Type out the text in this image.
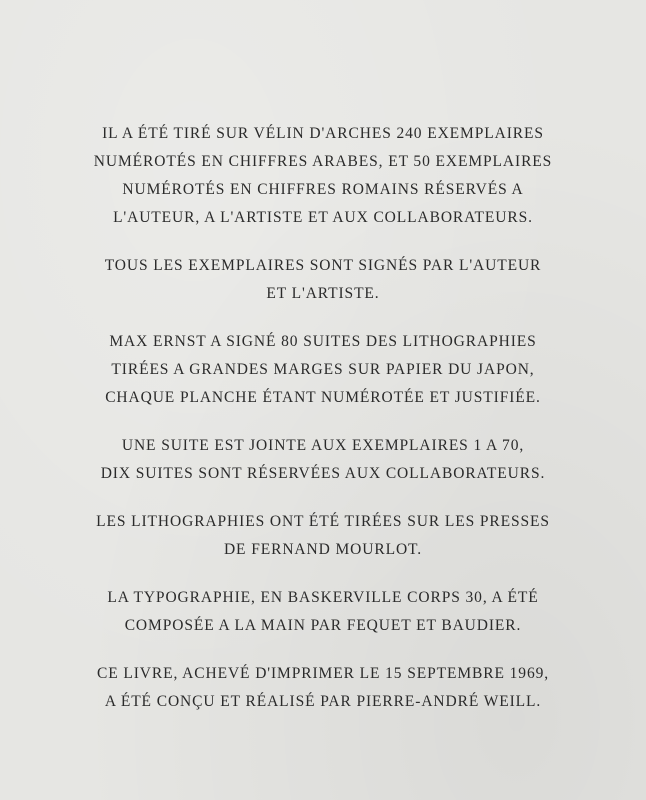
IL A ÉTÉ TIRÉ SUR VÉLIN D'ARCHES 240 EXEMPLAIRES
NUMÉROTÉS EN CHIFFRES ARABES, ET 50 EXEMPLAIRES
NUMÉROTÉS EN CHIFFRES ROMAINS RÉSERVÉS A
L'AUTEUR, A L'ARTISTE ET AUX COLLABORATEURS.
TOUS LES EXEMPLAIRES SONT SIGNÉS PAR L'AUTEUR
ET L'ARTISTE.
MAX ERNST A SIGNÉ 80 SUITES DES LITHOGRAPHIES
TIRÉES A GRANDES MARGES SUR PAPIER DU JAPON,
CHAQUE PLANCHE ÉTANT NUMÉROTÉE ET JUSTIFIÉE.
UNE SUITE EST JOINTE AUX EXEMPLAIRES 1 A 70,
DIX SUITES SONT RÉSERVÉES AUX COLLABORATEURS.
LES LITHOGRAPHIES ONT ÉTÉ TIRÉES SUR LES PRESSES
DE FERNAND MOURLOT.
LA TYPOGRAPHIE, EN BASKERVILLE CORPS 30, A ÉTÉ
COMPOSÉE A LA MAIN PAR FEQUET ET BAUDIER.
CE LIVRE, ACHEVÉ D'IMPRIMER LE 15 SEPTEMBRE 1969,
A ÉTÉ CONÇU ET RÉALISÉ PAR PIERRE-ANDRÉ WEILL.
